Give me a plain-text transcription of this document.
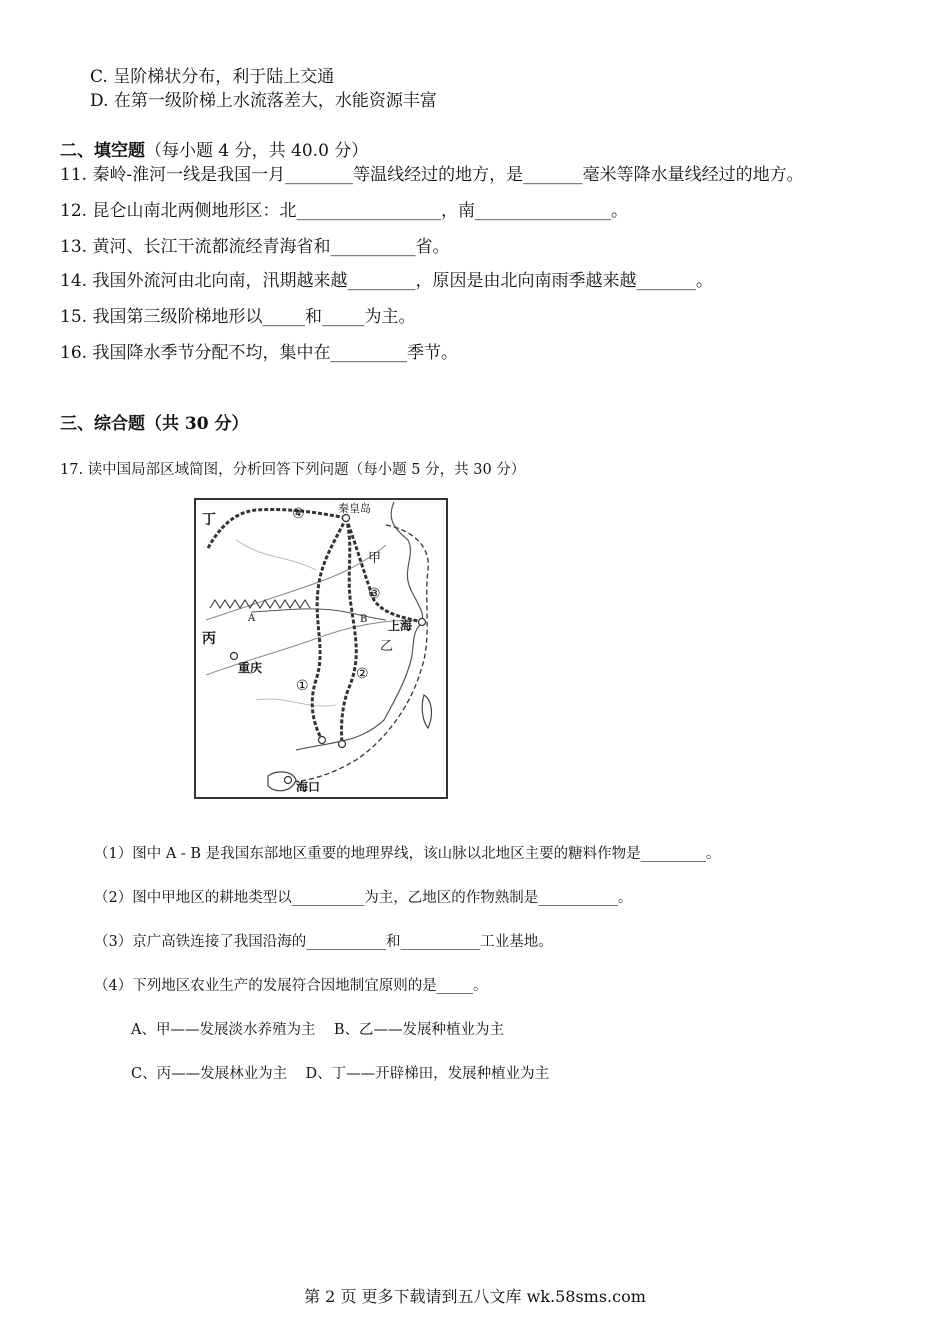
C. 呈阶梯状分布，利于陆上交通
D. 在第一级阶梯上水流落差大，水能资源丰富
二、填空题（每小题 4 分，共 40.0 分）
11. 秦岭-淮河一线是我国一月________等温线经过的地方，是_______毫米等降水量线经过的地方。
12. 昆仑山南北两侧地形区：北_________________，南________________。
13. 黄河、长江干流都流经青海省和__________省。
14. 我国外流河由北向南，汛期越来越________，原因是由北向南雨季越来越_______。
15. 我国第三级阶梯地形以_____和_____为主。
16. 我国降水季节分配不均，集中在_________季节。
三、综合题（共 30 分）
17. 读中国局部区域简图，分析回答下列问题（每小题 5 分，共 30 分）
丁
秦皇岛
甲
上海
乙
丙
重庆
海口
A	B
①
②
③
④
（1）图中 A - B 是我国东部地区重要的地理界线，该山脉以北地区主要的糖料作物是_________。
（2）图中甲地区的耕地类型以__________为主，乙地区的作物熟制是___________。
（3）京广高铁连接了我国沿海的___________和___________工业基地。
（4）下列地区农业生产的发展符合因地制宜原则的是_____。
A、甲——发展淡水养殖为主    B、乙——发展种植业为主
C、丙——发展林业为主    D、丁——开辟梯田，发展种植业为主
第 2 页 更多下载请到五八文库 wk.58sms.com
